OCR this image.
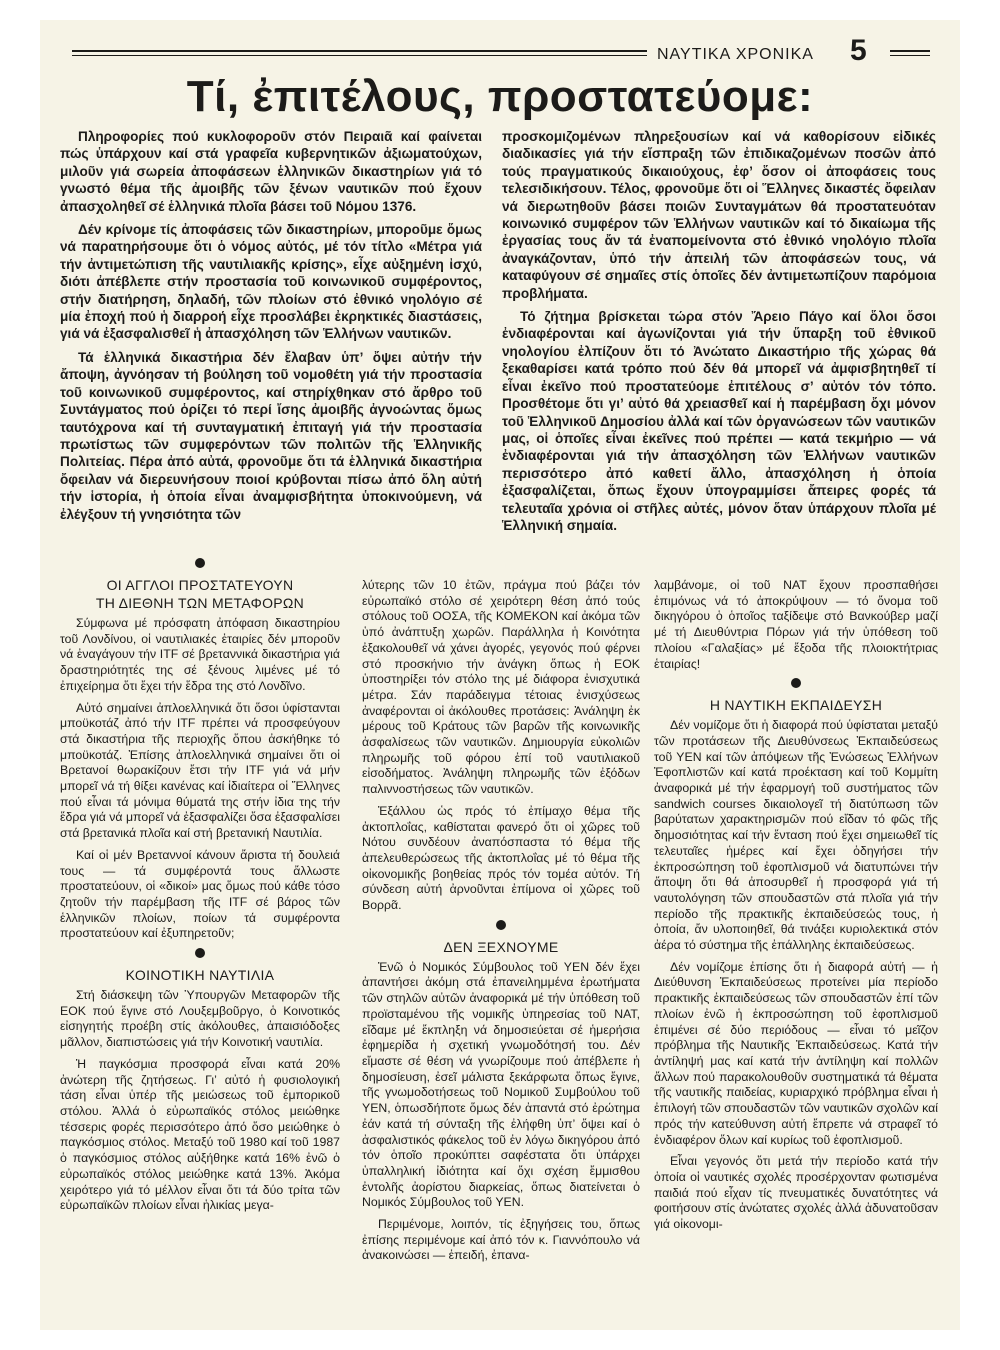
ΝΑΥΤΙΚΑ ΧΡΟΝΙΚΑ 5
Τί, ἐπιτέλους, προστατεύομε:

Πληροφορίες πού κυκλοφοροῦν στόν Πειραιᾶ καί φαίνεται πώς ὑπάρχουν καί στά γραφεῖα κυβερνητικῶν ἀξιωματούχων, μιλοῦν γιά σωρεία ἀποφάσεων ἑλληνικῶν δικαστηρίων γιά τό γνωστό θέμα τῆς ἀμοιβῆς τῶν ξένων ναυτικῶν πού ἔχουν ἀπασχοληθεῖ σέ ἑλληνικά πλοῖα βάσει τοῦ Νόμου 1376.

Δέν κρίνομε τίς ἀποφάσεις τῶν δικαστηρίων, μποροῦμε ὅμως νά παρατηρήσουμε ὅτι ὁ νόμος αὐτός, μέ τόν τίτλο «Μέτρα γιά τήν ἀντιμετώπιση τῆς ναυτιλιακῆς κρίσης», εἶχε αὐξημένη ἰσχύ, διότι ἀπέβλεπε στήν προστασία τοῦ κοινωνικοῦ συμφέροντος, στήν διατήρηση, δηλαδή, τῶν πλοίων στό ἐθνικό νηολόγιο σέ μία ἐποχή πού ἡ διαρροή εἶχε προσλάβει ἐκρηκτικές διαστάσεις, γιά νά ἐξασφαλισθεῖ ἡ ἀπασχόληση τῶν Ἑλλήνων ναυτικῶν.

Τά ἑλληνικά δικαστήρια δέν ἔλαβαν ὑπ’ ὄψει αὐτήν τήν ἄποψη, ἀγνόησαν τή βούληση τοῦ νομοθέτη γιά τήν προστασία τοῦ κοινωνικοῦ συμφέροντος, καί στηρίχθηκαν στό ἄρθρο τοῦ Συντάγματος πού ὁρίζει τό περί ἴσης ἀμοιβῆς ἀγνοώντας ὅμως ταυτόχρονα καί τή συνταγματική ἐπιταγή γιά τήν προστασία πρωτίστως τῶν συμφερόντων τῶν πολιτῶν τῆς Ἑλληνικῆς Πολιτείας. Πέρα ἀπό αὐτά, φρονοῦμε ὅτι τά ἑλληνικά δικαστήρια ὄφειλαν νά διερευνήσουν ποιοί κρύβονται πίσω ἀπό ὅλη αὐτή τήν ἱστορία, ἡ ὁποία εἶναι ἀναμφισβήτητα ὑποκινούμενη, νά ἐλέγξουν τή γνησιότητα τῶν

προσκομιζομένων πληρεξουσίων καί νά καθορίσουν εἰδικές διαδικασίες γιά τήν εἴσπραξη τῶν ἐπιδικαζομένων ποσῶν ἀπό τούς πραγματικούς δικαιούχους, ἐφ’ ὅσον οἱ ἀποφάσεις τους τελεσιδικήσουν. Τέλος, φρονοῦμε ὅτι οἱ Ἕλληνες δικαστές ὄφειλαν νά διερωτηθοῦν βάσει ποιῶν Συνταγμάτων θά προστατευόταν κοινωνικό συμφέρον τῶν Ἑλλήνων ναυτικῶν καί τό δικαίωμα τῆς ἐργασίας τους ἄν τά ἐναπομείνοντα στό ἐθνικό νηολόγιο πλοῖα ἀναγκάζονταν, ὑπό τήν ἀπειλή τῶν ἀποφάσεών τους, νά καταφύγουν σέ σημαῖες στίς ὁποῖες δέν ἀντιμετωπίζουν παρόμοια προβλήματα.

Τό ζήτημα βρίσκεται τώρα στόν Ἄρειο Πάγο καί ὅλοι ὅσοι ἐνδιαφέρονται καί ἀγωνίζονται γιά τήν ὕπαρξη τοῦ ἐθνικοῦ νηολογίου ἐλπίζουν ὅτι τό Ἀνώτατο Δικαστήριο τῆς χώρας θά ξεκαθαρίσει κατά τρόπο πού δέν θά μπορεῖ νά ἀμφισβητηθεῖ τί εἶναι ἐκεῖνο πού προστατεύομε ἐπιτέλους σ’ αὐτόν τόν τόπο. Προσθέτομε ὅτι γι’ αὐτό θά χρειασθεῖ καί ἡ παρέμβαση ὄχι μόνον τοῦ Ἑλληνικοῦ Δημοσίου ἀλλά καί τῶν ὀργανώσεων τῶν ναυτικῶν μας, οἱ ὁποῖες εἶναι ἐκεῖνες πού πρέπει — κατά τεκμήριο — νά ἐνδιαφέρονται γιά τήν ἀπασχόληση τῶν Ἑλλήνων ναυτικῶν περισσότερο ἀπό καθετί ἄλλο, ἀπασχόληση ἡ ὁποία ἐξασφαλίζεται, ὅπως ἔχουν ὑπογραμμίσει ἄπειρες φορές τά τελευταῖα χρόνια οἱ στῆλες αὐτές, μόνον ὅταν ὑπάρχουν πλοῖα μέ Ἑλληνική σημαία.

ΟΙ ΑΓΓΛΟΙ ΠΡΟΣΤΑΤΕΥΟΥΝ
ΤΗ ΔΙΕΘΝΗ ΤΩΝ ΜΕΤΑΦΟΡΩΝ

Σύμφωνα μέ πρόσφατη ἀπόφαση δικαστηρίου τοῦ Λονδίνου, οἱ ναυτιλιακές ἑταιρίες δέν μποροῦν νά ἐναγάγουν τήν ITF σέ βρεταννικά δικαστήρια γιά δραστηριότητές της σέ ξένους λιμένες μέ τό ἐπιχείρημα ὅτι ἔχει τήν ἕδρα της στό Λονδῖνο.

Αὐτό σημαίνει ἀπλοελληνικά ὅτι ὅσοι ὑφίστανται μποϋκοτάζ ἀπό τήν ITF πρέπει νά προσφεύγουν στά δικαστήρια τῆς περιοχῆς ὅπου ἀσκήθηκε τό μποϋκοτάζ. Ἐπίσης ἀπλοελληνικά σημαίνει ὅτι οἱ Βρετανοί θωρακίζουν ἔτσι τήν ITF γιά νά μήν μπορεῖ νά τή θίξει κανένας καί ἰδιαίτερα οἱ Ἕλληνες πού εἶναι τά μόνιμα θύματά της στήν ἰδια της τήν ἕδρα γιά νά μπορεῖ νά ἐξασφαλίζει ὅσα ἐξασφαλίσει στά βρετανικά πλοῖα καί στή βρετανική Ναυτιλία.

Καί οἱ μέν Βρεταννοί κάνουν ἄριστα τή δουλειά τους — τά συμφέροντά τους ἄλλωστε προστατεύουν, οἱ «δικοί» μας ὅμως πού κάθε τόσο ζητοῦν τήν παρέμβαση τῆς ITF σέ βάρος τῶν ἑλληνικῶν πλοίων, ποίων τά συμφέροντα προστατεύουν καί ἐξυπηρετοῦν;

ΚΟΙΝΟΤΙΚΗ ΝΑΥΤΙΛΙΑ

Στή διάσκεψη τῶν Ὑπουργῶν Μεταφορῶν τῆς ΕΟΚ πού ἔγινε στό Λουξεμβοῦργο, ὁ Κοινοτικός εἰσηγητής προέβη στίς ἀκόλουθες, ἀπαισιόδοξες μᾶλλον, διαπιστώσεις γιά τήν Κοινοτική ναυτιλία.

Ἡ παγκόσμια προσφορά εἶναι κατά 20% ἀνώτερη τῆς ζητήσεως. Γι’ αὐτό ἡ φυσιολογική τάση εἶναι ὑπέρ τῆς μειώσεως τοῦ ἐμπορικοῦ στόλου. Ἀλλά ὁ εὐρωπαϊκός στόλος μειώθηκε τέσσερις φορές περισσότερο ἀπό ὅσο μειώθηκε ὁ παγκόσμιος στόλος. Μεταξύ τοῦ 1980 καί τοῦ 1987 ὁ παγκόσμιος στόλος αὐξήθηκε κατά 16% ἐνῶ ὁ εὐρωπαϊκός στόλος μειώθηκε κατά 13%. Ἀκόμα χειρότερο γιά τό μέλλον εἶναι ὅτι τά δύο τρίτα τῶν εὐρωπαϊκῶν πλοίων εἶναι ἡλικίας μεγα-

λύτερης τῶν 10 ἐτῶν, πράγμα πού βάζει τόν εὐρωπαϊκό στόλο σέ χειρότερη θέση ἀπό τούς στόλους τοῦ ΟΟΣΑ, τῆς ΚΟΜΕΚΟΝ καί ἀκόμα τῶν ὑπό ἀνάπτυξη χωρῶν. Παράλληλα ἡ Κοινότητα ἐξακολουθεῖ νά χάνει ἀγορές, γεγονός πού φέρνει στό προσκήνιο τήν ἀνάγκη ὅπως ἡ ΕΟΚ ὑποστηρίξει τόν στόλο της μέ διάφορα ἐνισχυτικά μέτρα. Σάν παράδειγμα τέτοιας ἐνισχύσεως ἀναφέρονται οἱ ἀκόλουθες προτάσεις: Ἀνάληψη ἐκ μέρους τοῦ Κράτους τῶν βαρῶν τῆς κοινωνικῆς ἀσφαλίσεως τῶν ναυτικῶν. Δημιουργία εὐκολιῶν πληρωμῆς τοῦ φόρου ἐπί τοῦ ναυτιλιακοῦ εἰσοδήματος. Ἀνάληψη πληρωμῆς τῶν ἐξόδων παλιννοστήσεως τῶν ναυτικῶν.

Ἐξάλλου ὡς πρός τό ἐπίμαχο θέμα τῆς ἀκτοπλοΐας, καθίσταται φανερό ὅτι οἱ χῶρες τοῦ Νότου συνδέουν ἀναπόσπαστα τό θέμα τῆς ἀπελευθερώσεως τῆς ἀκτοπλοΐας μέ τό θέμα τῆς οἰκονομικῆς βοηθείας πρός τόν τομέα αὐτόν. Τή σύνδεση αὐτή ἀρνοῦνται ἐπίμονα οἱ χῶρες τοῦ Βορρᾶ.

ΔΕΝ ΞΕΧΝΟΥΜΕ

Ἐνῶ ὁ Νομικός Σύμβουλος τοῦ ΥΕΝ δέν ἔχει ἀπαντήσει ἀκόμη στά ἐπανειλημμένα ἐρωτήματα τῶν στηλῶν αὐτῶν ἀναφορικά μέ τήν ὑπόθεση τοῦ προϊσταμένου τῆς νομικῆς ὑπηρεσίας τοῦ ΝΑΤ, εἴδαμε μέ ἔκπληξη νά δημοσιεύεται σέ ἡμερήσια ἐφημερίδα ἡ σχετική γνωμοδότησή του. Δέν εἴμαστε σέ θέση νά γνωρίζουμε πού ἀπέβλεπε ἡ δημοσίευση, ἐσεῖ μάλιστα ξεκάρφωτα ὅπως ἔγινε, τῆς γνωμοδοτήσεως τοῦ Νομικοῦ Συμβούλου τοῦ ΥΕΝ, ὁπωσδήποτε ὅμως δέν ἀπαντά στό ἐρώτημα ἐάν κατά τή σύνταξη τῆς ἐλήφθη ὑπ’ ὄψει καί ὁ ἀσφαλιστικός φάκελος τοῦ ἐν λόγω δικηγόρου ἀπό τόν ὁποῖο προκύπτει σαφέστατα ὅτι ὑπάρχει ὑπαλληλική ἰδιότητα καί ὄχι σχέση ἔμμισθου ἐντολῆς ἀορίστου διαρκείας, ὅπως διατείνεται ὁ Νομικός Σύμβουλος τοῦ ΥΕΝ.

Περιμένομε, λοιπόν, τίς ἐξηγήσεις του, ὅπως ἐπίσης περιμένομε καί ἀπό τόν κ. Γιαννόπουλο νά ἀνακοινώσει — ἐπειδή, ἐπανα-

λαμβάνομε, οἱ τοῦ ΝΑΤ ἔχουν προσπαθήσει ἐπιμόνως νά τό ἀποκρύψουν — τό ὄνομα τοῦ δικηγόρου ὁ ὁποῖος ταξίδεψε στό Βανκούβερ μαζί μέ τή Διευθύντρια Πόρων γιά τήν ὑπόθεση τοῦ πλοίου «Γαλαξίας» μέ ἔξοδα τῆς πλοιοκτήτριας ἑταιρίας!

Η ΝΑΥΤΙΚΗ ΕΚΠΑΙΔΕΥΣΗ

Δέν νομίζομε ὅτι ἡ διαφορά πού ὑφίσταται μεταξύ τῶν προτάσεων τῆς Διευθύνσεως Ἐκπαιδεύσεως τοῦ ΥΕΝ καί τῶν ἀπόψεων τῆς Ἐνώσεως Ἑλλήνων Ἐφοπλιστῶν καί κατά προέκταση καί τοῦ Κομμίτη ἀναφορικά μέ τήν ἐφαρμογή τοῦ συστήματος τῶν sandwich courses δικαιολογεῖ τή διατύπωση τῶν βαρύτατων χαρακτηρισμῶν πού εἴδαν τό φῶς τῆς δημοσιότητας καί τήν ἔνταση πού ἔχει σημειωθεῖ τίς τελευταῖες ἡμέρες καί ἔχει ὁδηγήσει τήν ἐκπροσώπηση τοῦ ἐφοπλισμοῦ νά διατυπώνει τήν ἄποψη ὅτι θά ἀποσυρθεῖ ἡ προσφορά γιά τή ναυτολόγηση τῶν σπουδαστῶν στά πλοῖα γιά τήν περίοδο τῆς πρακτικῆς ἐκπαιδεύσεώς τους, ἡ ὁποία, ἄν υλοποιηθεῖ, θά τινάξει κυριολεκτικά στόν ἀέρα τό σύστημα τῆς ἐπάλληλης ἐκπαιδεύσεως.

Δέν νομίζομε ἐπίσης ὅτι ἡ διαφορά αὐτή — ἡ Διεύθυνση Ἐκπαιδεύσεως προτείνει μία περίοδο πρακτικῆς ἐκπαιδεύσεως τῶν σπουδαστῶν ἐπί τῶν πλοίων ἐνῶ ἡ ἐκπροσώπηση τοῦ ἐφοπλισμοῦ ἐπιμένει σέ δύο περιόδους — εἶναι τό μεῖζον πρόβλημα τῆς Ναυτικῆς Ἐκπαιδεύσεως. Κατά τήν ἀντίληψή μας καί κατά τήν ἀντίληψη καί πολλῶν ἄλλων πού παρακολουθοῦν συστηματικά τά θέματα τῆς ναυτικῆς παιδείας, κυριαρχικό πρόβλημα εἶναι ἡ ἐπιλογή τῶν σπουδαστῶν τῶν ναυτικῶν σχολῶν καί πρός τήν κατεύθυνση αὐτή ἔπρεπε νά στραφεῖ τό ἐνδιαφέρον ὅλων καί κυρίως τοῦ ἐφοπλισμοῦ.

Εἶναι γεγονός ὅτι μετά τήν περίοδο κατά τήν ὁποία οἱ ναυτικές σχολές προσέρχονταν φωτισμένα παιδιά πού εἶχαν τίς πνευματικές δυνατότητες νά φοιτήσουν στίς ἀνώτατες σχολές ἀλλά ἀδυνατοῦσαν γιά οἰκονομι-
